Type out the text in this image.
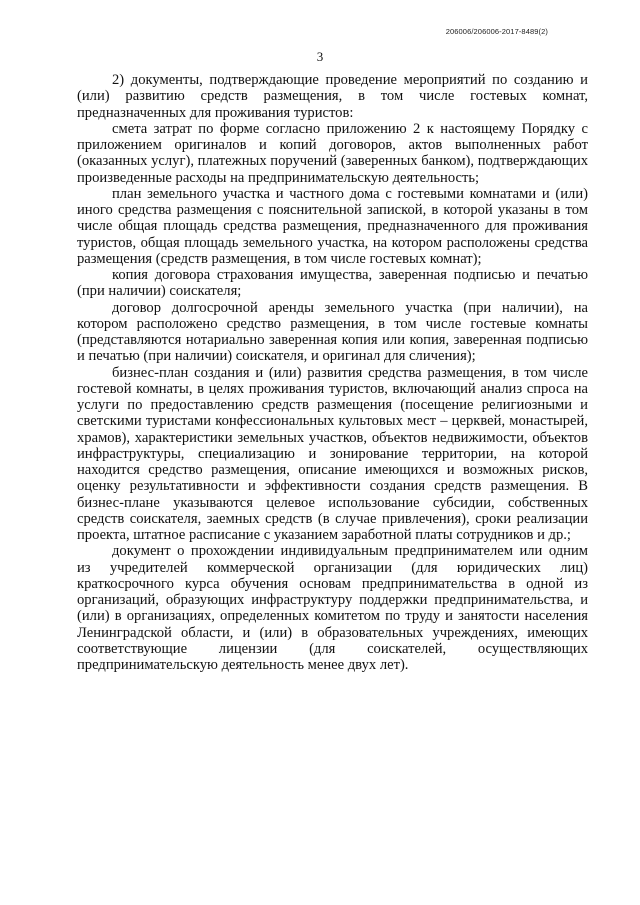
206006/206006-2017-8489(2)
3

2) документы, подтверждающие проведение мероприятий по созданию и (или) развитию средств размещения, в том числе гостевых комнат, предназначенных для проживания туристов:

смета затрат по форме согласно приложению 2 к настоящему Порядку с приложением оригиналов и копий договоров, актов выполненных работ (оказанных услуг), платежных поручений (заверенных банком), подтверждающих произведенные расходы на предпринимательскую деятельность;

план земельного участка и частного дома с гостевыми комнатами и (или) иного средства размещения с пояснительной запиской, в которой указаны в том числе общая площадь средства размещения, предназначенного для проживания туристов, общая площадь земельного участка, на котором расположены средства размещения (средств размещения, в том числе гостевых комнат);

копия договора страхования имущества, заверенная подписью и печатью (при наличии) соискателя;

договор долгосрочной аренды земельного участка (при наличии), на котором расположено средство размещения, в том числе гостевые комнаты (представляются нотариально заверенная копия или копия, заверенная подписью и печатью (при наличии) соискателя, и оригинал для сличения);

бизнес-план создания и (или) развития средства размещения, в том числе гостевой комнаты, в целях проживания туристов, включающий анализ спроса на услуги по предоставлению средств размещения (посещение религиозными и светскими туристами конфессиональных культовых мест – церквей, монастырей, храмов), характеристики земельных участков, объектов недвижимости, объектов инфраструктуры, специализацию и зонирование территории, на которой находится средство размещения, описание имеющихся и возможных рисков, оценку результативности и эффективности создания средств размещения. В бизнес-плане указываются целевое использование субсидии, собственных средств соискателя, заемных средств (в случае привлечения), сроки реализации проекта, штатное расписание с указанием заработной платы сотрудников и др.;

документ о прохождении индивидуальным предпринимателем или одним из учредителей коммерческой организации (для юридических лиц) краткосрочного курса обучения основам предпринимательства в одной из организаций, образующих инфраструктуру поддержки предпринимательства, и (или) в организациях, определенных комитетом по труду и занятости населения Ленинградской области, и (или) в образовательных учреждениях, имеющих соответствующие лицензии (для соискателей, осуществляющих предпринимательскую деятельность менее двух лет).
